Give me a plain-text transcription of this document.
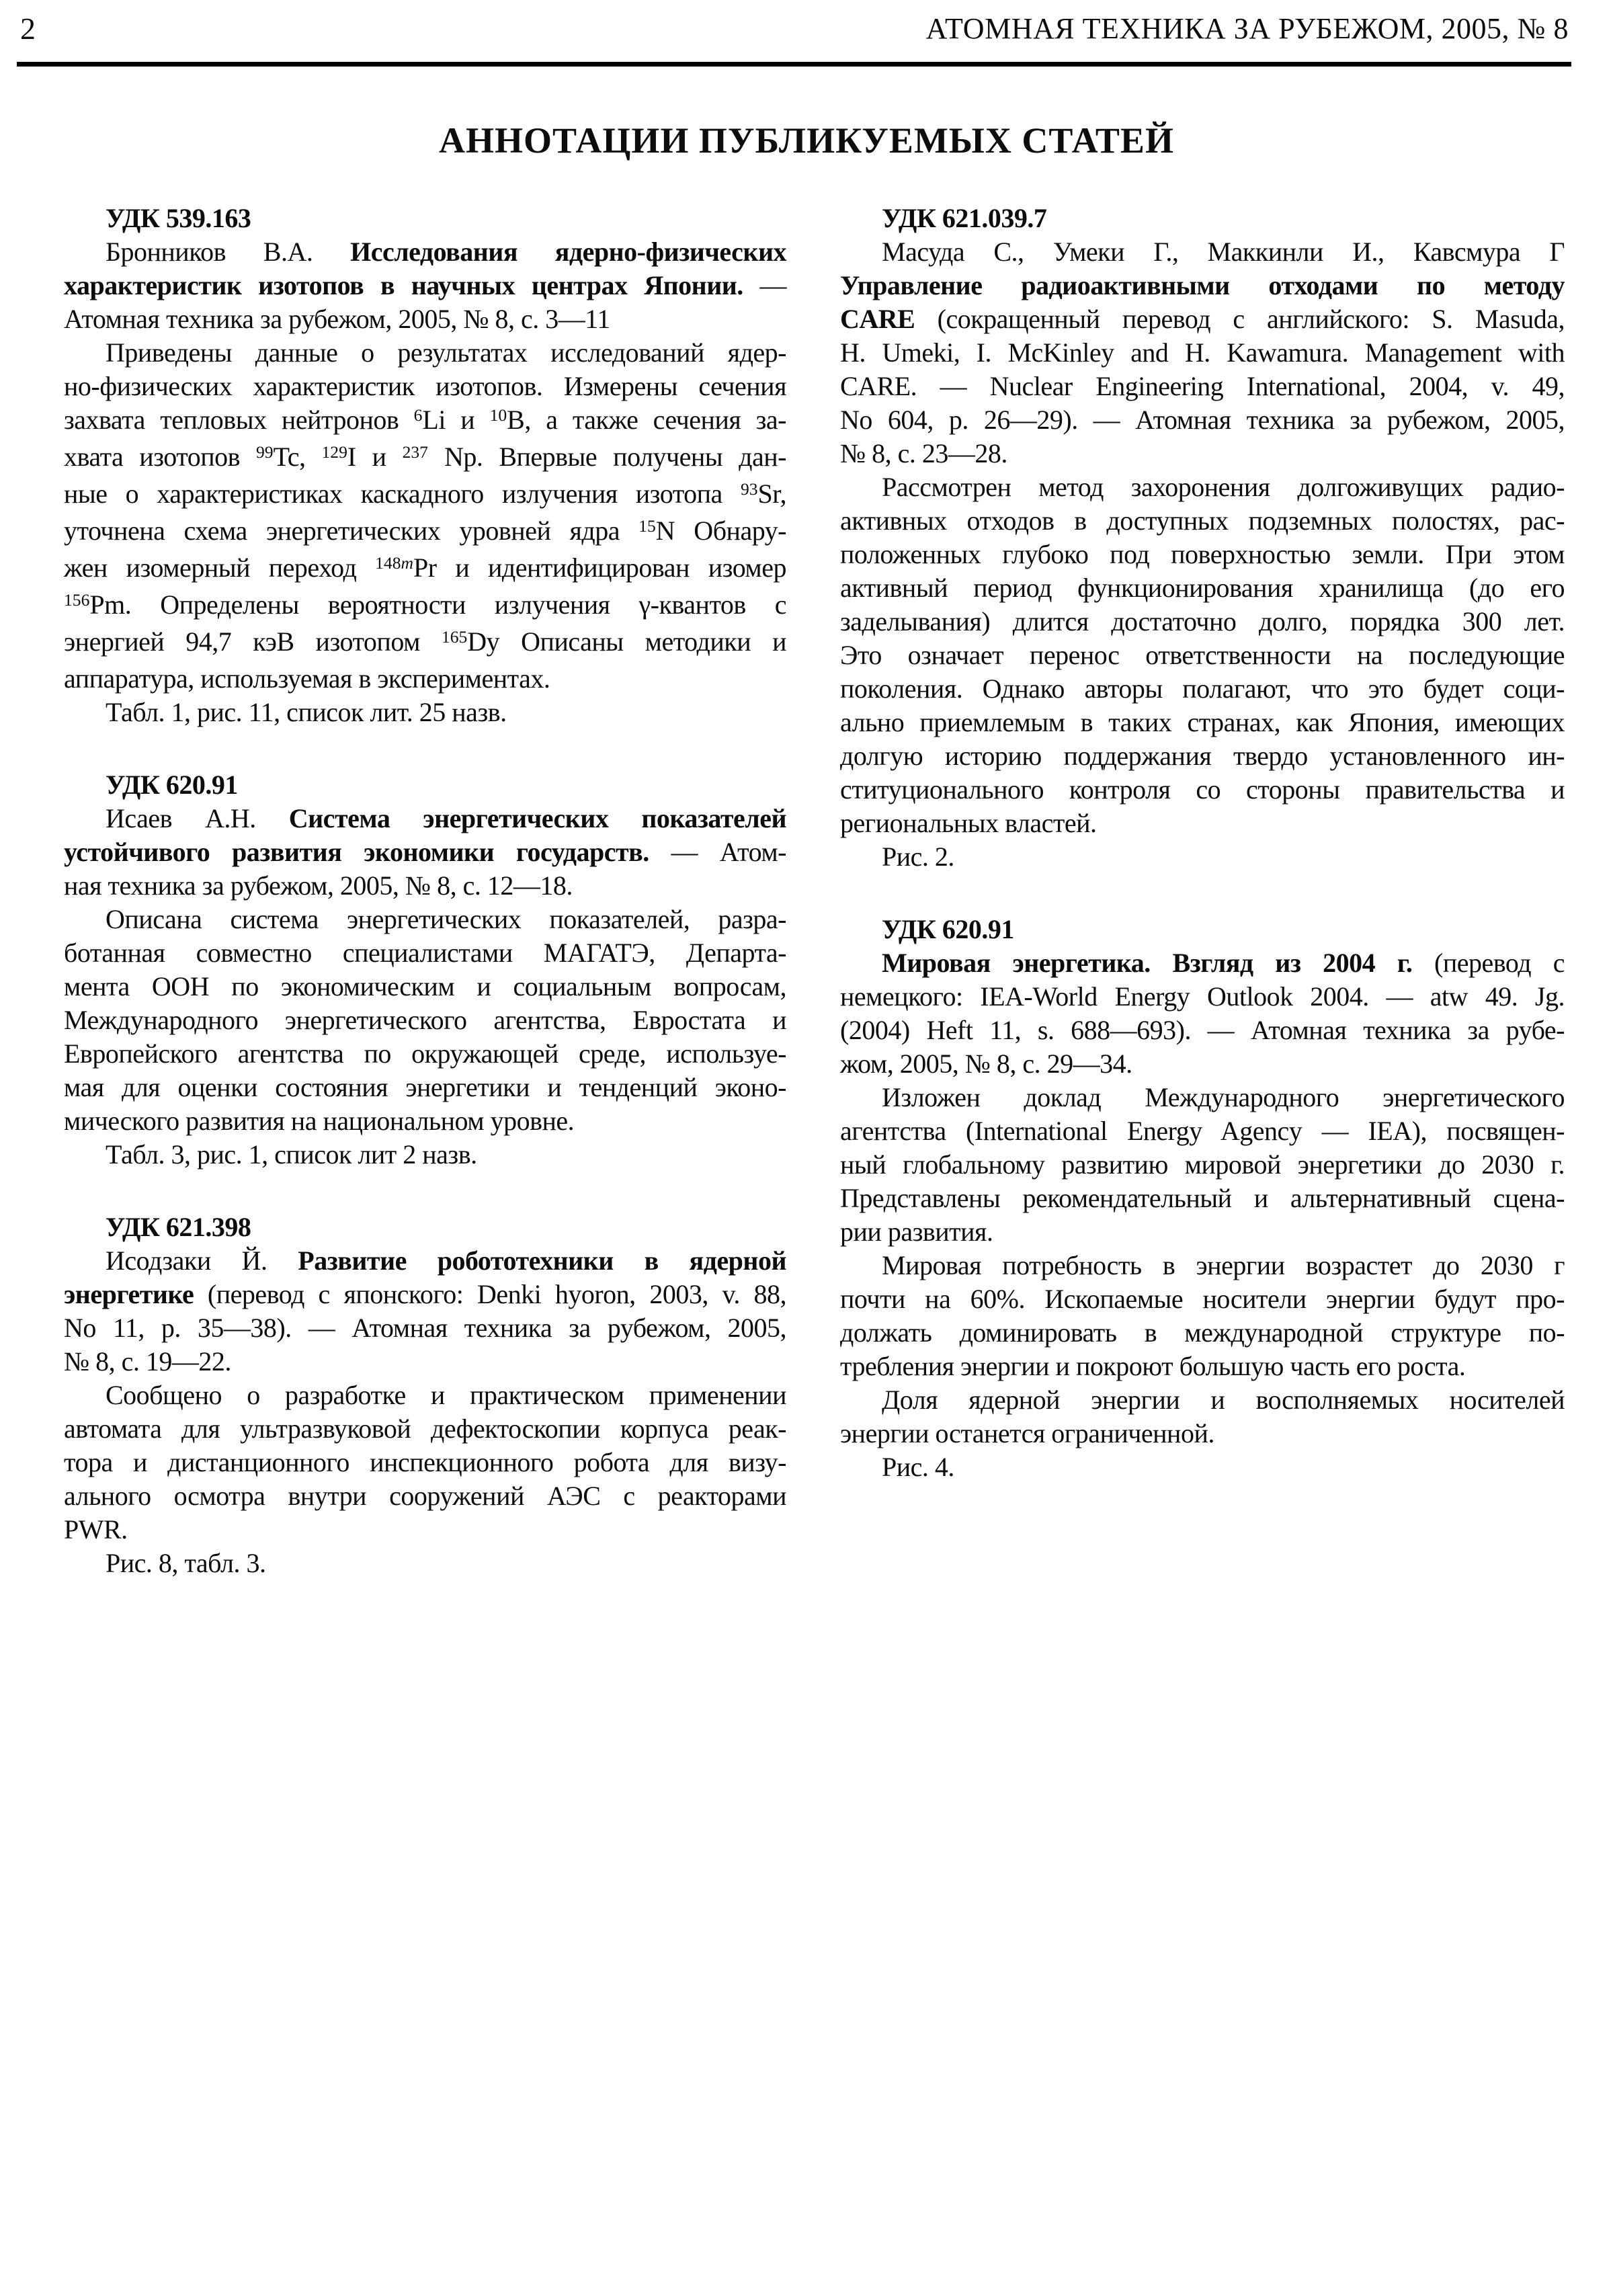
2	АТОМНАЯ ТЕХНИКА ЗА РУБЕЖОМ, 2005, № 8
АННОТАЦИИ ПУБЛИКУЕМЫХ СТАТЕЙ
УДК 539.163
Бронников В.А. Исследования ядерно-физических
характеристик изотопов в научных центрах Японии. —
Атомная техника за рубежом, 2005, № 8, с. 3—11
Приведены данные о результатах исследований ядер-
но-физических характеристик изотопов. Измерены сечения
захвата тепловых нейтронов $^6$Li и $^{10}$B, а также сечения за-
хвата изотопов $^{99}$Tc, $^{129}$I и $^{237}$ Np. Впервые получены дан-
ные о характеристиках каскадного излучения изотопа $^{93}$Sr,
уточнена схема энергетических уровней ядра $^{15}$N Обнару-
жен изомерный переход $^{148m}$Pr и идентифицирован изомер
$^{156}$Pm. Определены вероятности излучения γ-квантов с
энергией 94,7 кэВ изотопом $^{165}$Dy Описаны методики и
аппаратура, используемая в экспериментах.
Табл. 1, рис. 11, список лит. 25 назв.
УДК 620.91
Исаев А.Н. Система энергетических показателей
устойчивого развития экономики государств. — Атом-
ная техника за рубежом, 2005, № 8, с. 12—18.
Описана система энергетических показателей, разра-
ботанная совместно специалистами МАГАТЭ, Департа-
мента ООН по экономическим и социальным вопросам,
Международного энергетического агентства, Евростата и
Европейского агентства по окружающей среде, используе-
мая для оценки состояния энергетики и тенденций эконо-
мического развития на национальном уровне.
Табл. 3, рис. 1, список лит 2 назв.
УДК 621.398
Исодзаки Й. Развитие робототехники в ядерной
энергетике (перевод с японского: Denki hyoron, 2003, v. 88,
No 11, p. 35—38). — Атомная техника за рубежом, 2005,
№ 8, с. 19—22.
Сообщено о разработке и практическом применении
автомата для ультразвуковой дефектоскопии корпуса реак-
тора и дистанционного инспекционного робота для визу-
ального осмотра внутри сооружений АЭС с реакторами
PWR.
Рис. 8, табл. 3.
УДК 621.039.7
Масуда С., Умеки Г., Маккинли И., Кавсмура Г
Управление радиоактивными отходами по методу
CARE (сокращенный перевод с английского: S. Masuda,
H. Umeki, I. McKinley and H. Kawamura. Management with
CARE. — Nuclear Engineering International, 2004, v. 49,
No 604, p. 26—29). — Атомная техника за рубежом, 2005,
№ 8, с. 23—28.
Рассмотрен метод захоронения долгоживущих радио-
активных отходов в доступных подземных полостях, рас-
положенных глубоко под поверхностью земли. При этом
активный период функционирования хранилища (до его
заделывания) длится достаточно долго, порядка 300 лет.
Это означает перенос ответственности на последующие
поколения. Однако авторы полагают, что это будет соци-
ально приемлемым в таких странах, как Япония, имеющих
долгую историю поддержания твердо установленного ин-
ституционального контроля со стороны правительства и
региональных властей.
Рис. 2.
УДК 620.91
Мировая энергетика. Взгляд из 2004 г. (перевод с
немецкого: IEA-World Energy Outlook 2004. — atw 49. Jg.
(2004) Heft 11, s. 688—693). — Атомная техника за рубе-
жом, 2005, № 8, с. 29—34.
Изложен доклад Международного энергетического
агентства (International Energy Agency — IEA), посвящен-
ный глобальному развитию мировой энергетики до 2030 г.
Представлены рекомендательный и альтернативный сцена-
рии развития.
Мировая потребность в энергии возрастет до 2030 г
почти на 60%. Ископаемые носители энергии будут про-
должать доминировать в международной структуре по-
требления энергии и покроют большую часть его роста.
Доля ядерной энергии и восполняемых носителей
энергии останется ограниченной.
Рис. 4.
